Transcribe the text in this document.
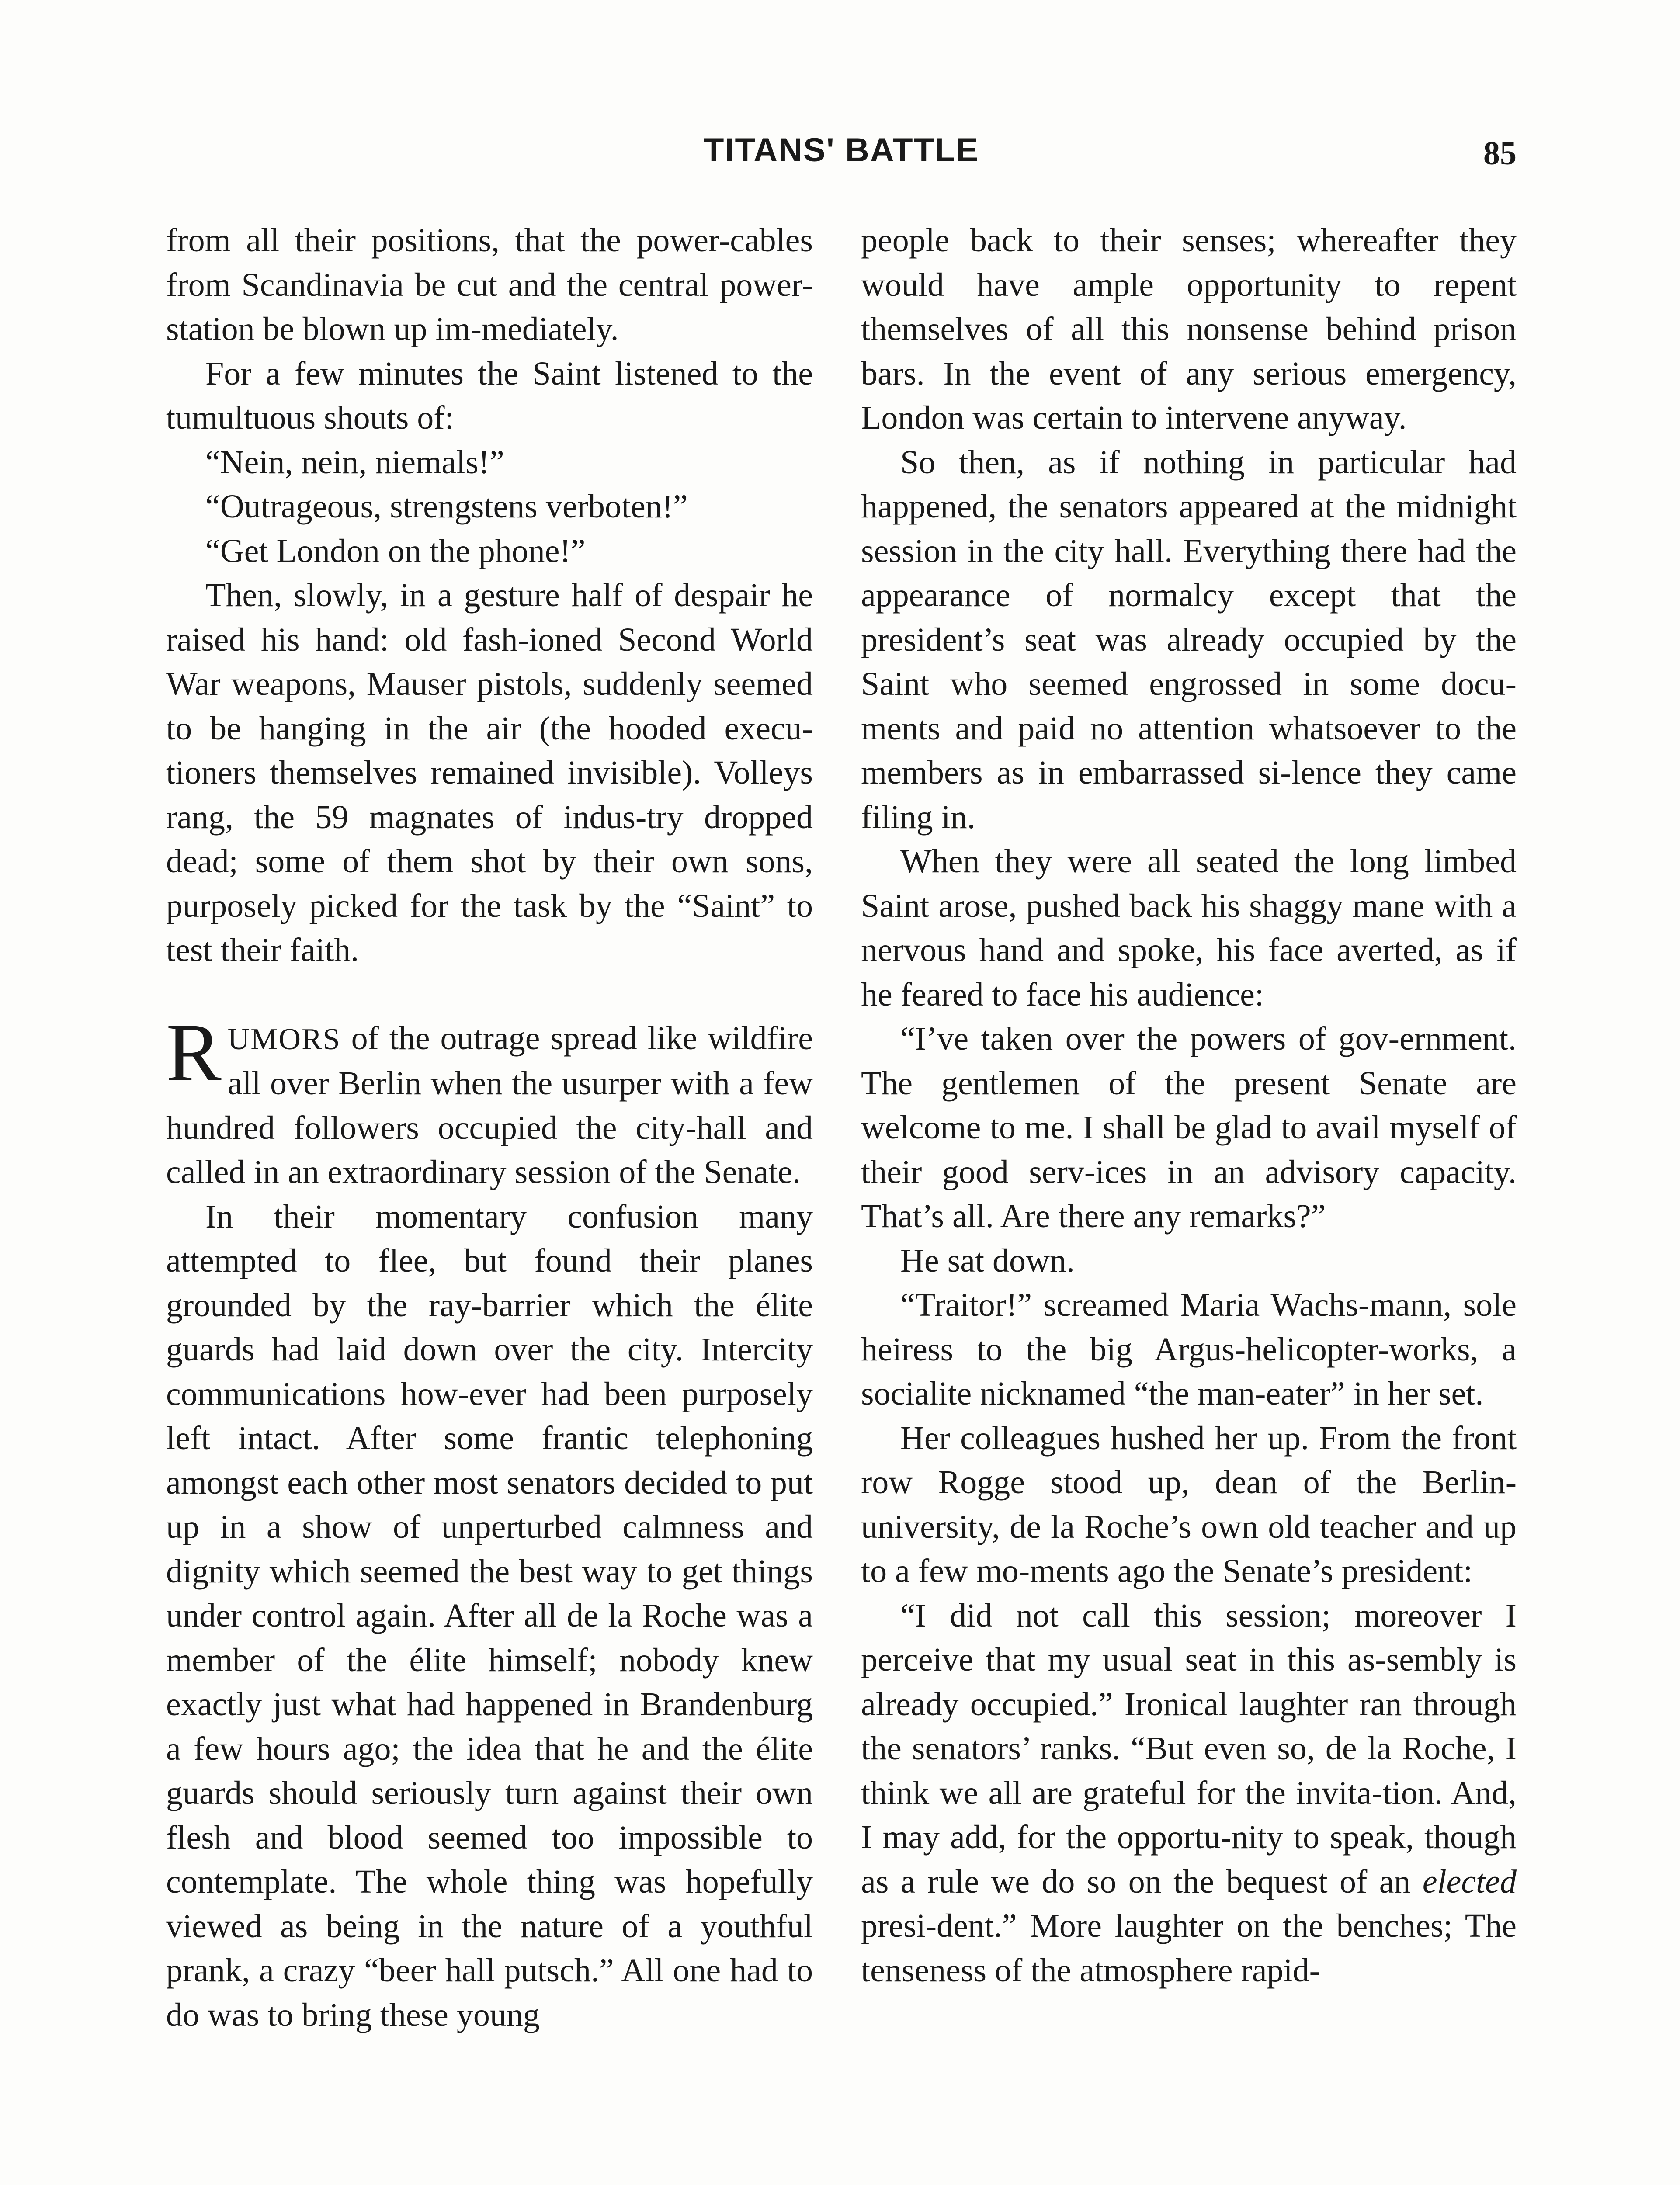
TITANS' BATTLE	85

from all their positions, that the power-cables from Scandinavia be cut and the central power-station be blown up im-mediately.

For a few minutes the Saint listened to the tumultuous shouts of:

“Nein, nein, niemals!”

“Outrageous, strengstens verboten!”

“Get London on the phone!”

Then, slowly, in a gesture half of despair he raised his hand: old fash-ioned Second World War weapons, Mauser pistols, suddenly seemed to be hanging in the air (the hooded execu-tioners themselves remained invisible). Volleys rang, the 59 magnates of indus-try dropped dead; some of them shot by their own sons, purposely picked for the task by the “Saint” to test their faith.

RUMORS of the outrage spread like wildfire all over Berlin when the usurper with a few hundred followers occupied the city-hall and called in an extraordinary session of the Senate.

In their momentary confusion many attempted to flee, but found their planes grounded by the ray-barrier which the élite guards had laid down over the city. Intercity communications how-ever had been purposely left intact. After some frantic telephoning amongst each other most senators decided to put up in a show of unperturbed calmness and dignity which seemed the best way to get things under control again. After all de la Roche was a member of the élite himself; nobody knew exactly just what had happened in Brandenburg a few hours ago; the idea that he and the élite guards should seriously turn against their own flesh and blood seemed too impossible to contemplate. The whole thing was hopefully viewed as being in the nature of a youthful prank, a crazy “beer hall putsch.” All one had to do was to bring these young

people back to their senses; whereafter they would have ample opportunity to repent themselves of all this nonsense behind prison bars. In the event of any serious emergency, London was certain to intervene anyway.

So then, as if nothing in particular had happened, the senators appeared at the midnight session in the city hall. Everything there had the appearance of normalcy except that the president’s seat was already occupied by the Saint who seemed engrossed in some docu-ments and paid no attention whatsoever to the members as in embarrassed si-lence they came filing in.

When they were all seated the long limbed Saint arose, pushed back his shaggy mane with a nervous hand and spoke, his face averted, as if he feared to face his audience:

“I’ve taken over the powers of gov-ernment. The gentlemen of the present Senate are welcome to me. I shall be glad to avail myself of their good serv-ices in an advisory capacity. That’s all. Are there any remarks?”

He sat down.

“Traitor!” screamed Maria Wachs-mann, sole heiress to the big Argus-helicopter-works, a socialite nicknamed “the man-eater” in her set.

Her colleagues hushed her up. From the front row Rogge stood up, dean of the Berlin-university, de la Roche’s own old teacher and up to a few mo-ments ago the Senate’s president:

“I did not call this session; moreover I perceive that my usual seat in this as-sembly is already occupied.” Ironical laughter ran through the senators’ ranks. “But even so, de la Roche, I think we all are grateful for the invita-tion. And, I may add, for the opportu-nity to speak, though as a rule we do so on the bequest of an elected presi-dent.” More laughter on the benches; The tenseness of the atmosphere rapid-
